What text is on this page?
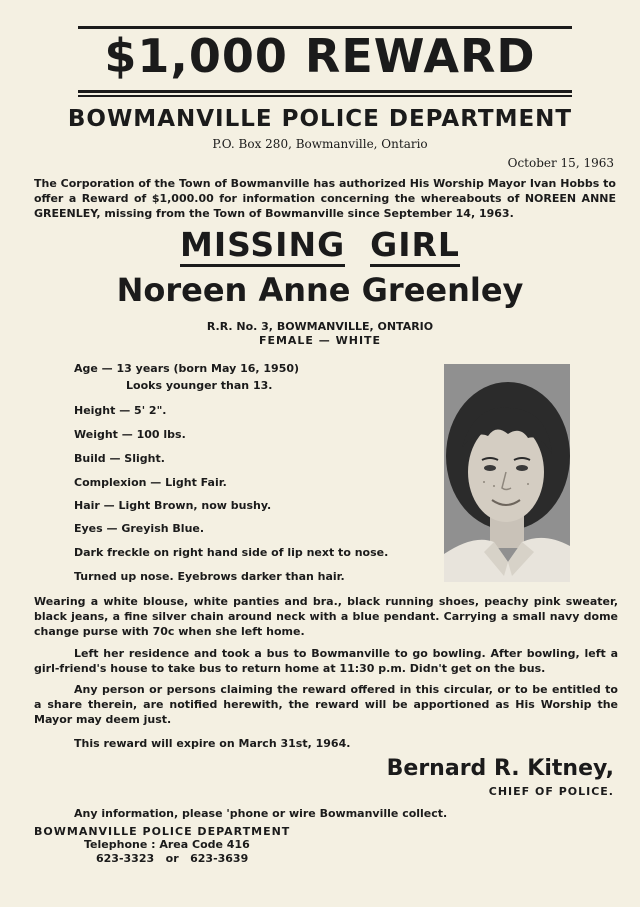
$1,000 REWARD
BOWMANVILLE POLICE DEPARTMENT
P.O. Box 280, Bowmanville, Ontario
October 15, 1963
The Corporation of the Town of Bowmanville has authorized His Worship Mayor Ivan Hobbs to offer a Reward of $1,000.00 for information concerning the whereabouts of NOREEN ANNE GREENLEY, missing from the Town of Bowmanville since September 14, 1963.
MISSING GIRL
Noreen Anne Greenley
R.R. No. 3, BOWMANVILLE, ONTARIO
FEMALE — WHITE
Age — 13 years (born May 16, 1950)
Looks younger than 13.
Height — 5' 2".
Weight — 100 lbs.
Build — Slight.
Complexion — Light Fair.
Hair — Light Brown, now bushy.
Eyes — Greyish Blue.
Dark freckle on right hand side of lip next to nose.
Turned up nose. Eyebrows darker than hair.
Wearing a white blouse, white panties and bra., black running shoes, peachy pink sweater, black jeans, a fine silver chain around neck with a blue pendant. Carrying a small navy dome change purse with 70c when she left home.
Left her residence and took a bus to Bowmanville to go bowling. After bowling, left a girl-friend's house to take bus to return home at 11:30 p.m. Didn't get on the bus.
Any person or persons claiming the reward offered in this circular, or to be entitled to a share therein, are notified herewith, the reward will be apportioned as His Worship the Mayor may deem just.
This reward will expire on March 31st, 1964.
Bernard R. Kitney,
CHIEF OF POLICE.
Any information, please 'phone or wire Bowmanville collect.
BOWMANVILLE POLICE DEPARTMENT
Telephone : Area Code 416
623-3323   or   623-3639
